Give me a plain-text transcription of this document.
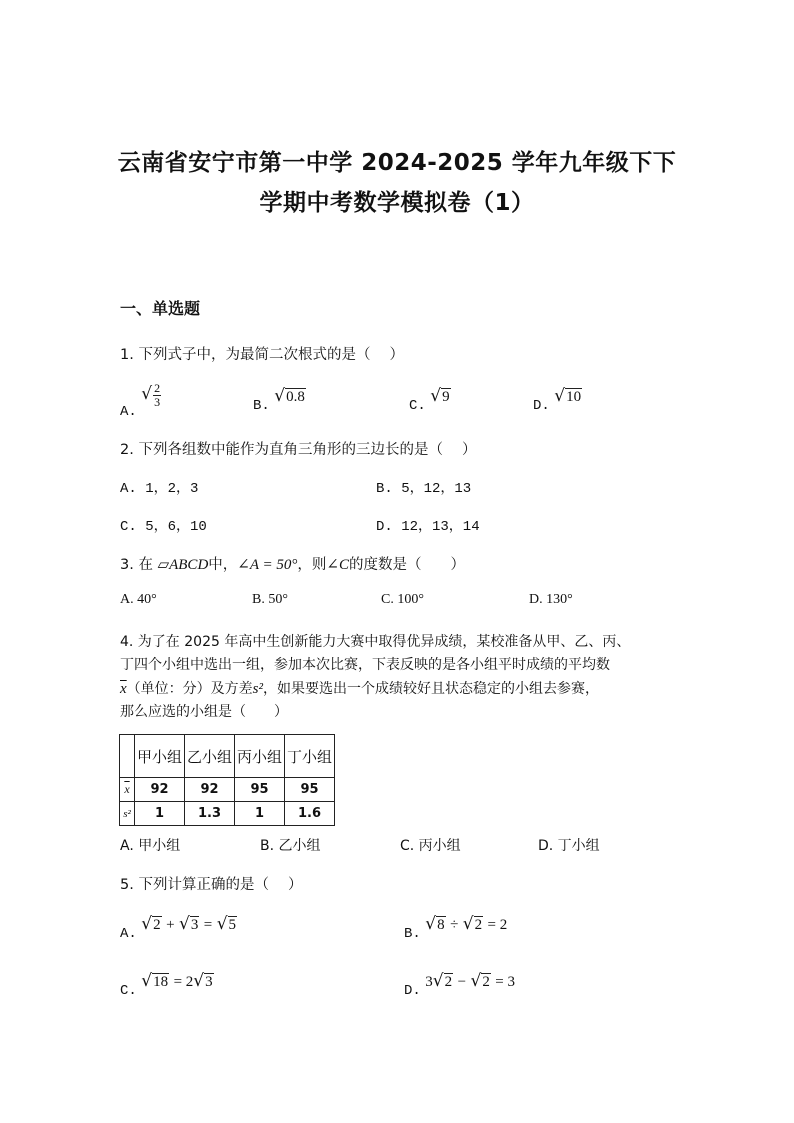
云南省安宁市第一中学 2024-2025 学年九年级下下
学期中考数学模拟卷（1）
一、单选题
1. 下列式子中，为最简二次根式的是（　 ）
A. √ $\frac{2}{3}$	B. √0.8
C. √9
D. √10
2. 下列各组数中能作为直角三角形的三边长的是（　 ）
A. 1，2，3	B. 5，12，13
C. 5，6，10	D. 12，13，14
3. 在 ▱ABCD中，∠A = 50°，则∠C的度数是（　　）
A. 40°	B. 50°	C. 100°	D. 130°
4. 为了在 2025 年高中生创新能力大赛中取得优异成绩，某校准备从甲、乙、丙、
丁四个小组中选出一组，参加本次比赛，下表反映的是各小组平时成绩的平均数
$\overline{x}$（单位：分）及方差s²，如果要选出一个成绩较好且状态稳定的小组去参赛，
那么应选的小组是（　　）
	甲小组	乙小组	丙小组	丁小组
$\overline{x}$	92	92	95	95
s²	1	1.3	1	1.6
A. 甲小组	B. 乙小组	C. 丙小组	D. 丁小组
5. 下列计算正确的是（　 ）
A. √2 + √3 = √5
B. √8 ÷ √2 = 2
C. √18 = 2√3
D. 3√2 − √2 = 3
